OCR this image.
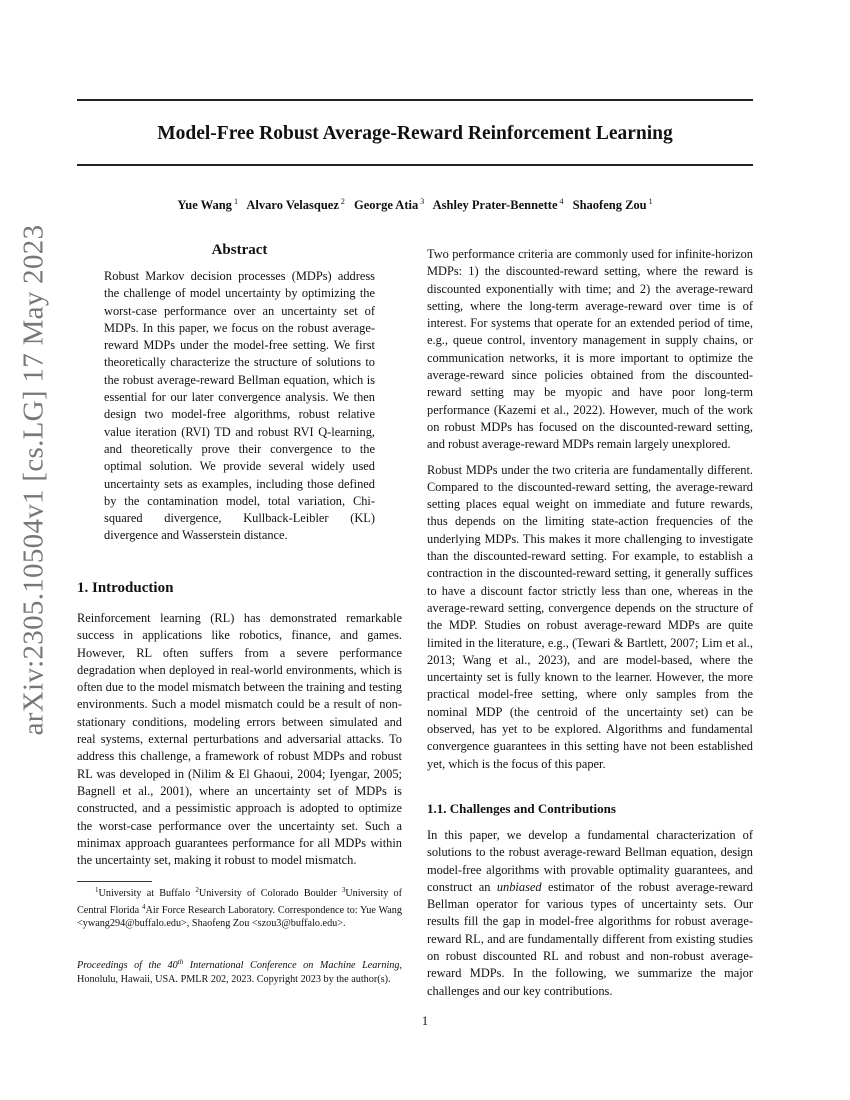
Model-Free Robust Average-Reward Reinforcement Learning
Yue Wang $^1$ Alvaro Velasquez $^2$ George Atia $^3$ Ashley Prater-Bennette $^4$ Shaofeng Zou $^1$
arXiv:2305.10504v1 [cs.LG] 17 May 2023	Abstract

Robust Markov decision processes (MDPs) address the challenge of model uncertainty by optimizing the worst-case performance over an uncertainty set of MDPs. In this paper, we focus on the robust average-reward MDPs under the model-free setting. We first theoretically characterize the structure of solutions to the robust average-reward Bellman equation, which is essential for our later convergence analysis. We then design two model-free algorithms, robust relative value iteration (RVI) TD and robust RVI Q-learning, and theoretically prove their convergence to the optimal solution. We provide several widely used uncertainty sets as examples, including those defined by the contamination model, total variation, Chi-squared divergence, Kullback-Leibler (KL) divergence and Wasserstein distance.

1. Introduction

Reinforcement learning (RL) has demonstrated remarkable success in applications like robotics, finance, and games. However, RL often suffers from a severe performance degradation when deployed in real-world environments, which is often due to the model mismatch between the training and testing environments. Such a model mismatch could be a result of non-stationary conditions, modeling errors between simulated and real systems, external perturbations and adversarial attacks. To address this challenge, a framework of robust MDPs and robust RL was developed in (Nilim & El Ghaoui, 2004; Iyengar, 2005; Bagnell et al., 2001), where an uncertainty set of MDPs is constructed, and a pessimistic approach is adopted to optimize the worst-case performance over the uncertainty set. Such a minimax approach guarantees performance for all MDPs within the uncertainty set, making it robust to model mismatch.

$^1$University at Buffalo $^2$University of Colorado Boulder $^3$University of Central Florida $^4$Air Force Research Laboratory. Correspondence to: Yue Wang <ywang294@buffalo.edu>, Shaofeng Zou <szou3@buffalo.edu>.
Proceedings of the 40th International Conference on Machine Learning, Honolulu, Hawaii, USA. PMLR 202, 2023. Copyright 2023 by the author(s).

Two performance criteria are commonly used for infinite-horizon MDPs: 1) the discounted-reward setting, where the reward is discounted exponentially with time; and 2) the average-reward setting, where the long-term average-reward over time is of interest. For systems that operate for an extended period of time, e.g., queue control, inventory management in supply chains, or communication networks, it is more important to optimize the average-reward since policies obtained from the discounted-reward setting may be myopic and have poor long-term performance (Kazemi et al., 2022). However, much of the work on robust MDPs has focused on the discounted-reward setting, and robust average-reward MDPs remain largely unexplored.

Robust MDPs under the two criteria are fundamentally different. Compared to the discounted-reward setting, the average-reward setting places equal weight on immediate and future rewards, thus depends on the limiting state-action frequencies of the underlying MDPs. This makes it more challenging to investigate than the discounted-reward setting. For example, to establish a contraction in the discounted-reward setting, it generally suffices to have a discount factor strictly less than one, whereas in the average-reward setting, convergence depends on the structure of the MDP. Studies on robust average-reward MDPs are quite limited in the literature, e.g., (Tewari & Bartlett, 2007; Lim et al., 2013; Wang et al., 2023), and are model-based, where the uncertainty set is fully known to the learner. However, the more practical model-free setting, where only samples from the nominal MDP (the centroid of the uncertainty set) can be observed, has yet to be explored. Algorithms and fundamental convergence guarantees in this setting have not been established yet, which is the focus of this paper.

1.1. Challenges and Contributions

In this paper, we develop a fundamental characterization of solutions to the robust average-reward Bellman equation, design model-free algorithms with provable optimality guarantees, and construct an unbiased estimator of the robust average-reward Bellman operator for various types of uncertainty sets. Our results fill the gap in model-free algorithms for robust average-reward RL, and are fundamentally different from existing studies on robust discounted RL and robust and non-robust average-reward MDPs. In the following, we summarize the major challenges and our key contributions.

1
